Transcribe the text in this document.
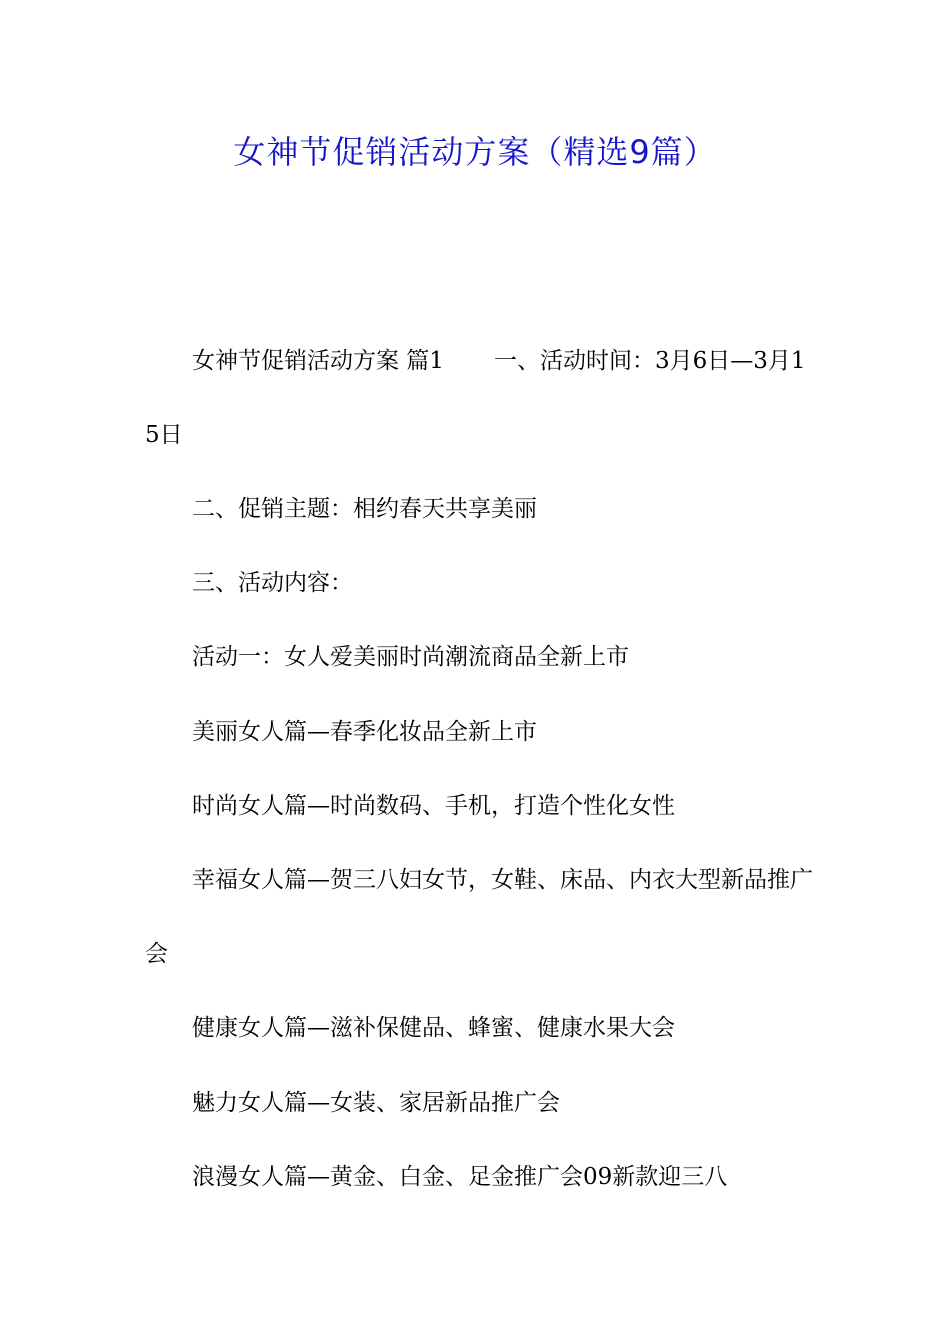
女神节促销活动方案（精选9篇）

女神节促销活动方案 篇1 一、活动时间：3月6日—3月15日

二、促销主题：相约春天共享美丽

三、活动内容：

活动一：女人爱美丽时尚潮流商品全新上市

美丽女人篇—春季化妆品全新上市

时尚女人篇—时尚数码、手机，打造个性化女性

幸福女人篇—贺三八妇女节，女鞋、床品、内衣大型新品推广会

健康女人篇—滋补保健品、蜂蜜、健康水果大会

魅力女人篇—女装、家居新品推广会

浪漫女人篇—黄金、白金、足金推广会09新款迎三八
